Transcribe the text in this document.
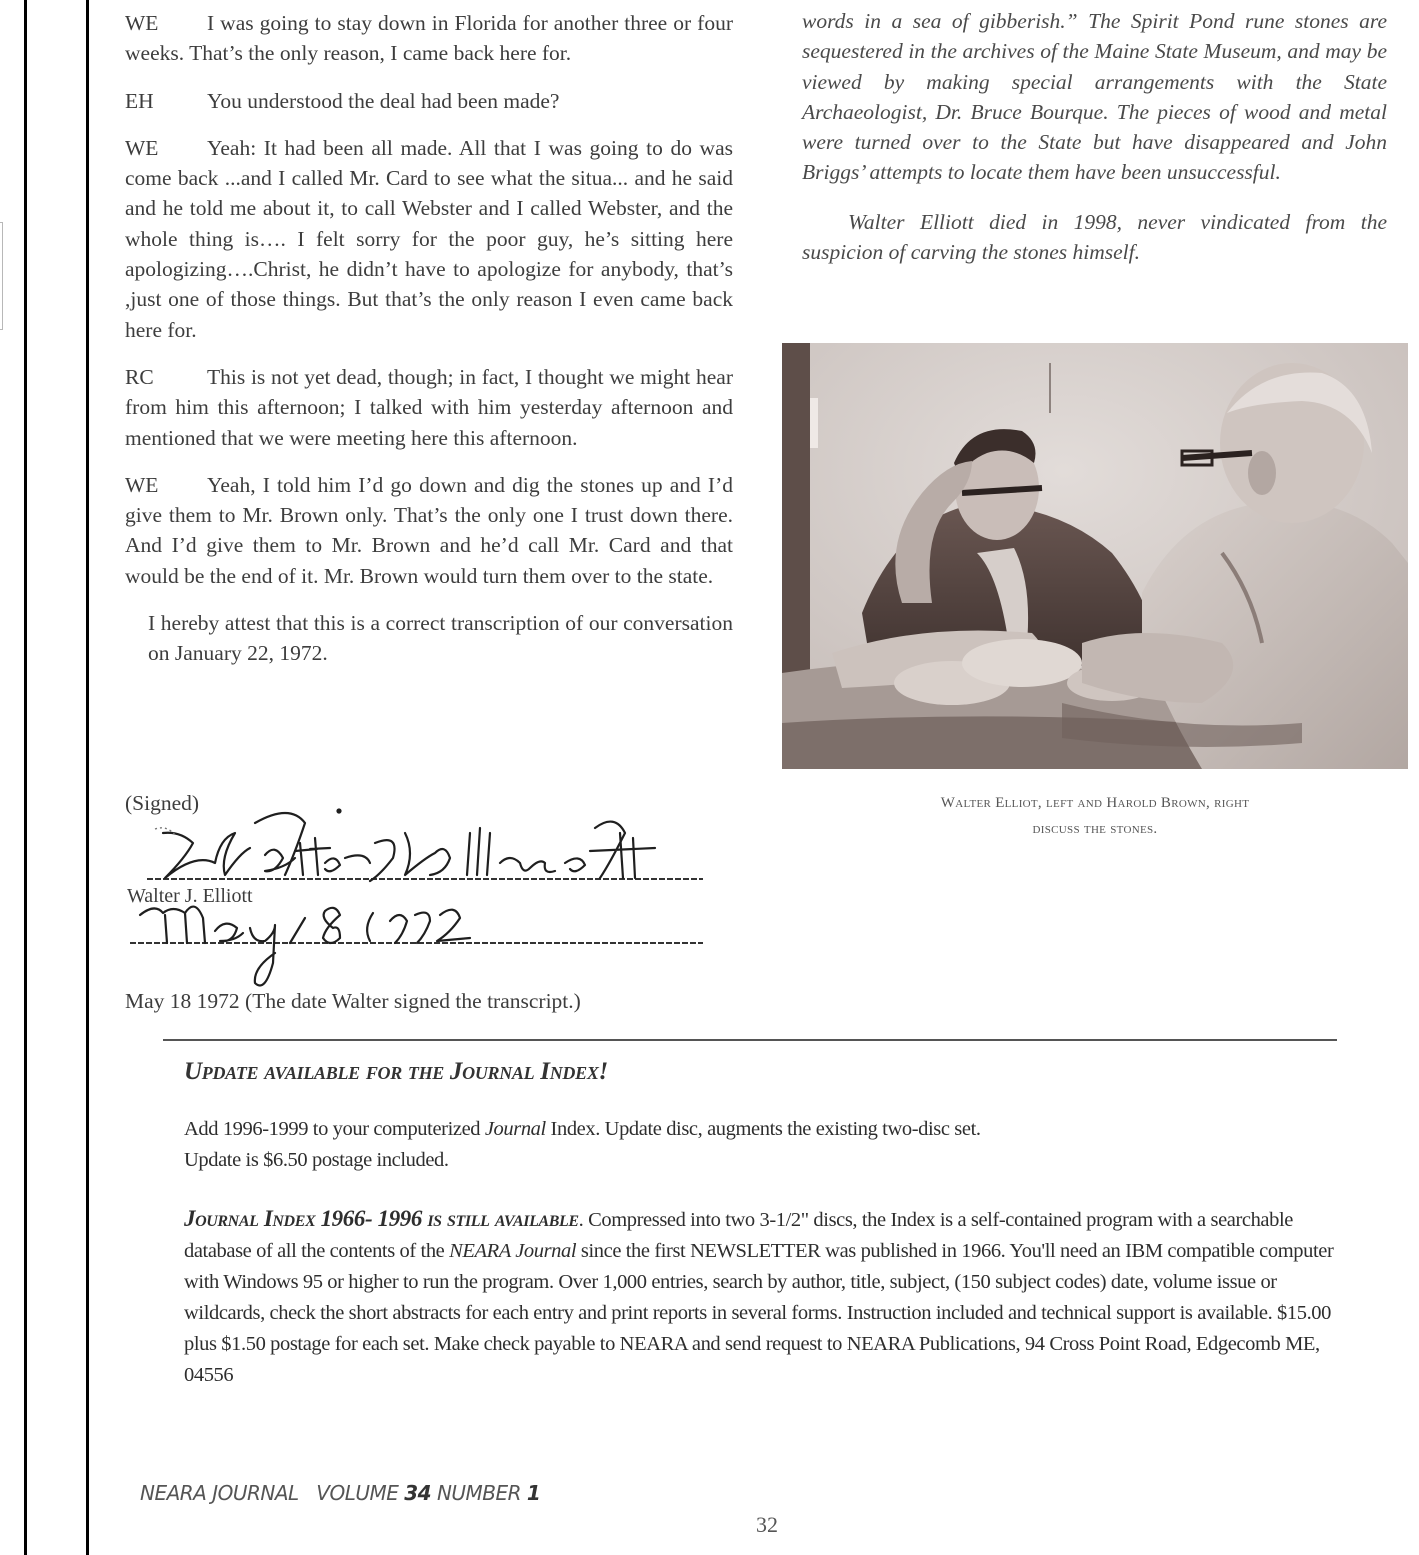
WE I was going to stay down in Florida for another three or four weeks. That’s the only reason, I came back here for.

EH You understood the deal had been made?

WE Yeah: It had been all made. All that I was going to do was come back ...and I called Mr. Card to see what the situa... and he said and he told me about it, to call Webster and I called Webster, and the whole thing is…. I felt sorry for the poor guy, he’s sitting here apologizing….Christ, he didn’t have to apologize for anybody, that’s ,just one of those things. But that’s the only reason I even came back here for.

RC This is not yet dead, though; in fact, I thought we might hear from him this afternoon; I talked with him yesterday afternoon and mentioned that we were meeting here this afternoon.

WE Yeah, I told him I’d go down and dig the stones up and I’d give them to Mr. Brown only. That’s the only one I trust down there. And I’d give them to Mr. Brown and he’d call Mr. Card and that would be the end of it. Mr. Brown would turn them over to the state.

I hereby attest that this is a correct transcription of our conversation on January 22, 1972.

(Signed)

Walter J. Elliott

May 18 1972 (The date Walter signed the transcript.)

words in a sea of gibberish.” The Spirit Pond rune stones are sequestered in the archives of the Maine State Museum, and may be viewed by making special arrangements with the State Archaeologist, Dr. Bruce Bourque. The pieces of wood and metal were turned over to the State but have disappeared and John Briggs’ attempts to locate them have been unsuccessful.

Walter Elliott died in 1998, never vindicated from the suspicion of carving the stones himself.

Walter Elliot, left and Harold Brown, right
discuss the stones.
Update available for the Journal Index!

Add 1996-1999 to your computerized Journal Index. Update disc, augments the existing two-disc set.
Update is $6.50 postage included.

Journal Index 1966- 1996 is still available. Compressed into two 3-1/2" discs, the Index is a self-contained program with a searchable database of all the contents of the NEARA Journal since the first NEWSLETTER was published in 1966. You'll need an IBM compatible computer with Windows 95 or higher to run the program. Over 1,000 entries, search by author, title, subject, (150 subject codes) date, volume issue or wildcards, check the short abstracts for each entry and print reports in several forms. Instruction included and technical support is available. $15.00 plus $1.50 postage for each set. Make check payable to NEARA and send request to NEARA Publications, 94 Cross Point Road, Edgecomb ME, 04556

NEARA JOURNAL VOLUME 34 NUMBER 1
32
